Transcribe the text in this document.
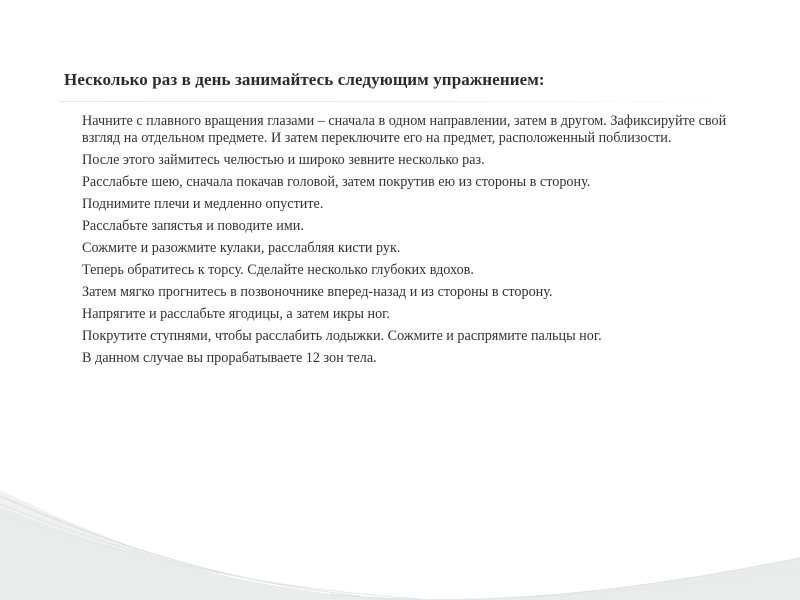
Несколько раз в день занимайтесь следующим упражнением:
Начните с плавного вращения глазами – сначала в одном направлении, затем в другом. Зафиксируйте свой взгляд на отдельном предмете. И затем переключите его на предмет, расположенный поблизости.
После этого займитесь челюстью и широко зевните несколько раз.
Расслабьте шею, сначала покачав головой, затем покрутив ею из стороны в сторону.
Поднимите плечи и медленно опустите.
Расслабьте запястья и поводите ими.
Сожмите и разожмите кулаки, расслабляя кисти рук.
Теперь обратитесь к торсу. Сделайте несколько глубоких вдохов.
Затем мягко прогнитесь в позвоночнике вперед-назад и из стороны в сторону.
Напрягите и расслабьте ягодицы, а затем икры ног.
Покрутите ступнями, чтобы расслабить лодыжки. Сожмите и распрямите пальцы ног.
В данном случае вы прорабатываете 12 зон тела.
